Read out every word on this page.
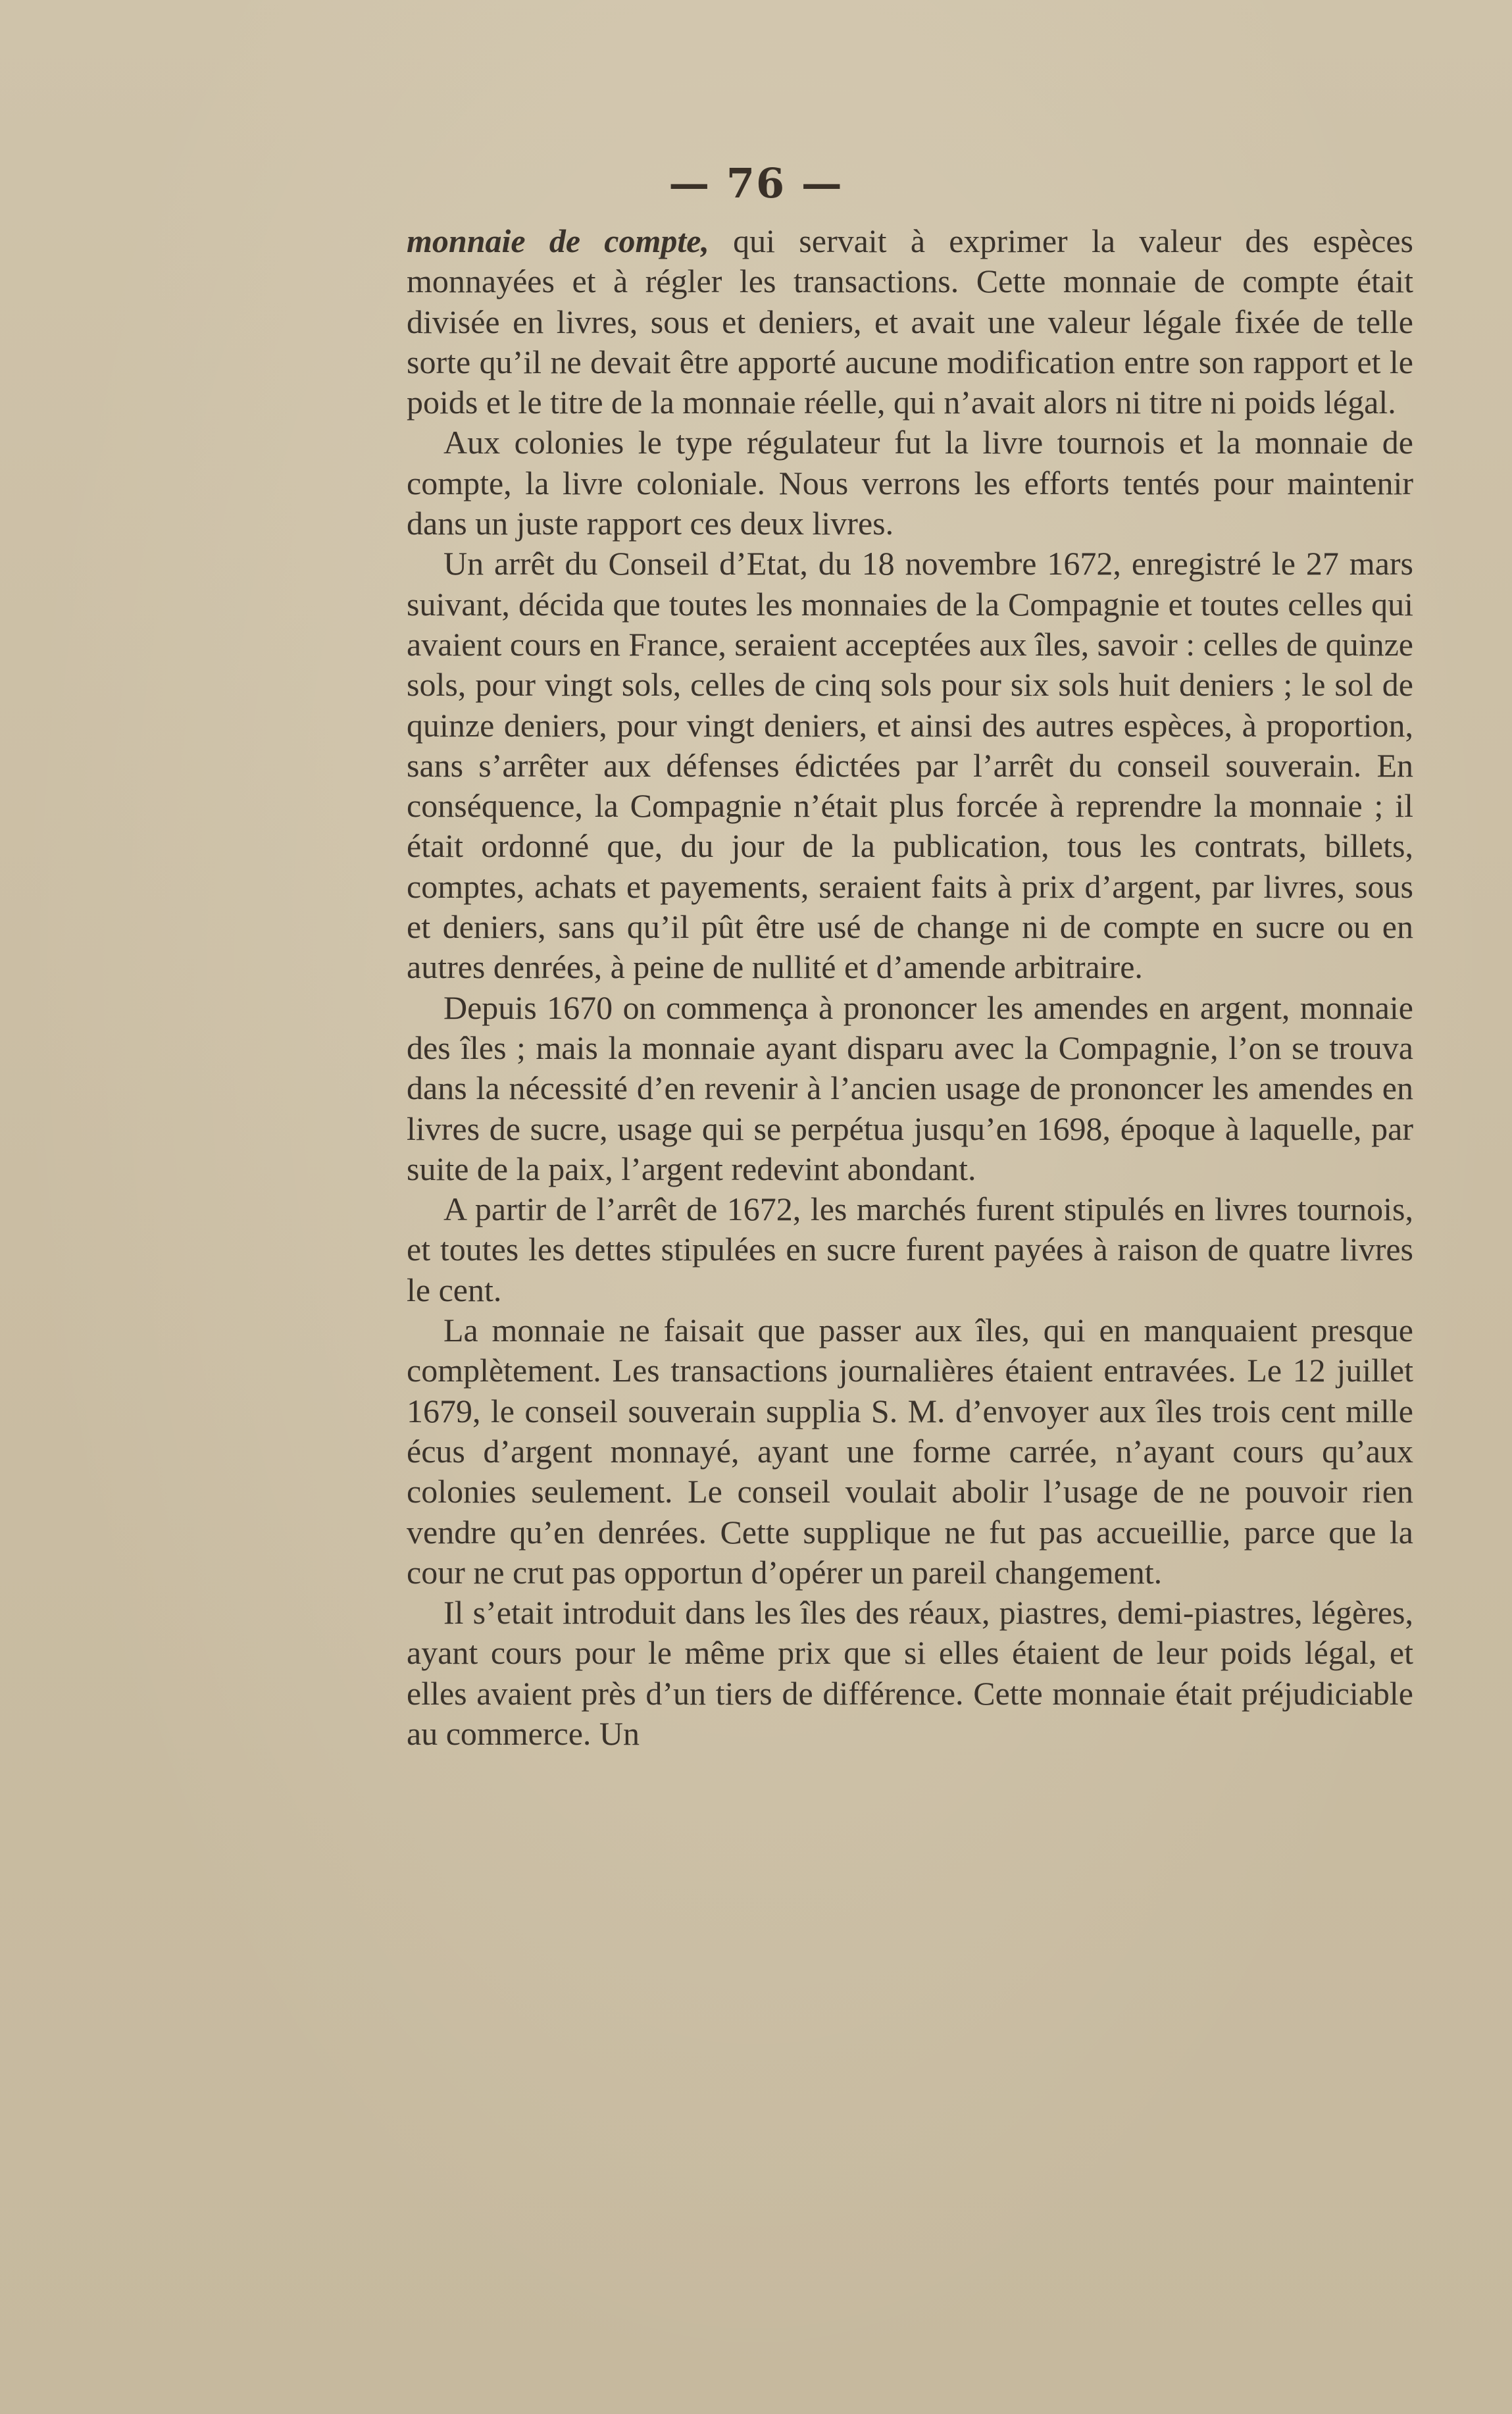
— 76 —

monnaie de compte, qui servait à exprimer la valeur des espèces monnayées et à régler les transactions. Cette monnaie de compte était divisée en livres, sous et deniers, et avait une valeur légale fixée de telle sorte qu’il ne devait être apporté aucune modification entre son rapport et le poids et le titre de la monnaie réelle, qui n’avait alors ni titre ni poids légal.

Aux colonies le type régulateur fut la livre tournois et la monnaie de compte, la livre coloniale. Nous verrons les efforts tentés pour maintenir dans un juste rapport ces deux livres.

Un arrêt du Conseil d’Etat, du 18 novembre 1672, enregistré le 27 mars suivant, décida que toutes les monnaies de la Compagnie et toutes celles qui avaient cours en France, seraient acceptées aux îles, savoir : celles de quinze sols, pour vingt sols, celles de cinq sols pour six sols huit deniers ; le sol de quinze deniers, pour vingt deniers, et ainsi des autres espèces, à proportion, sans s’arrêter aux défenses édictées par l’arrêt du conseil souverain. En conséquence, la Compagnie n’était plus forcée à reprendre la monnaie ; il était ordonné que, du jour de la publication, tous les contrats, billets, comptes, achats et payements, seraient faits à prix d’argent, par livres, sous et deniers, sans qu’il pût être usé de change ni de compte en sucre ou en autres denrées, à peine de nullité et d’amende arbitraire.

Depuis 1670 on commença à prononcer les amendes en argent, monnaie des îles ; mais la monnaie ayant disparu avec la Compagnie, l’on se trouva dans la nécessité d’en revenir à l’ancien usage de prononcer les amendes en livres de sucre, usage qui se perpétua jusqu’en 1698, époque à laquelle, par suite de la paix, l’argent redevint abondant.

A partir de l’arrêt de 1672, les marchés furent stipulés en livres tournois, et toutes les dettes stipulées en sucre furent payées à raison de quatre livres le cent.

La monnaie ne faisait que passer aux îles, qui en manquaient presque complètement. Les transactions journalières étaient entravées. Le 12 juillet 1679, le conseil souverain supplia S. M. d’envoyer aux îles trois cent mille écus d’argent monnayé, ayant une forme carrée, n’ayant cours qu’aux colonies seulement. Le conseil voulait abolir l’usage de ne pouvoir rien vendre qu’en denrées. Cette supplique ne fut pas accueillie, parce que la cour ne crut pas opportun d’opérer un pareil changement.

Il s’etait introduit dans les îles des réaux, piastres, demi-piastres, légères, ayant cours pour le même prix que si elles étaient de leur poids légal, et elles avaient près d’un tiers de différence. Cette monnaie était préjudiciable au commerce. Un
